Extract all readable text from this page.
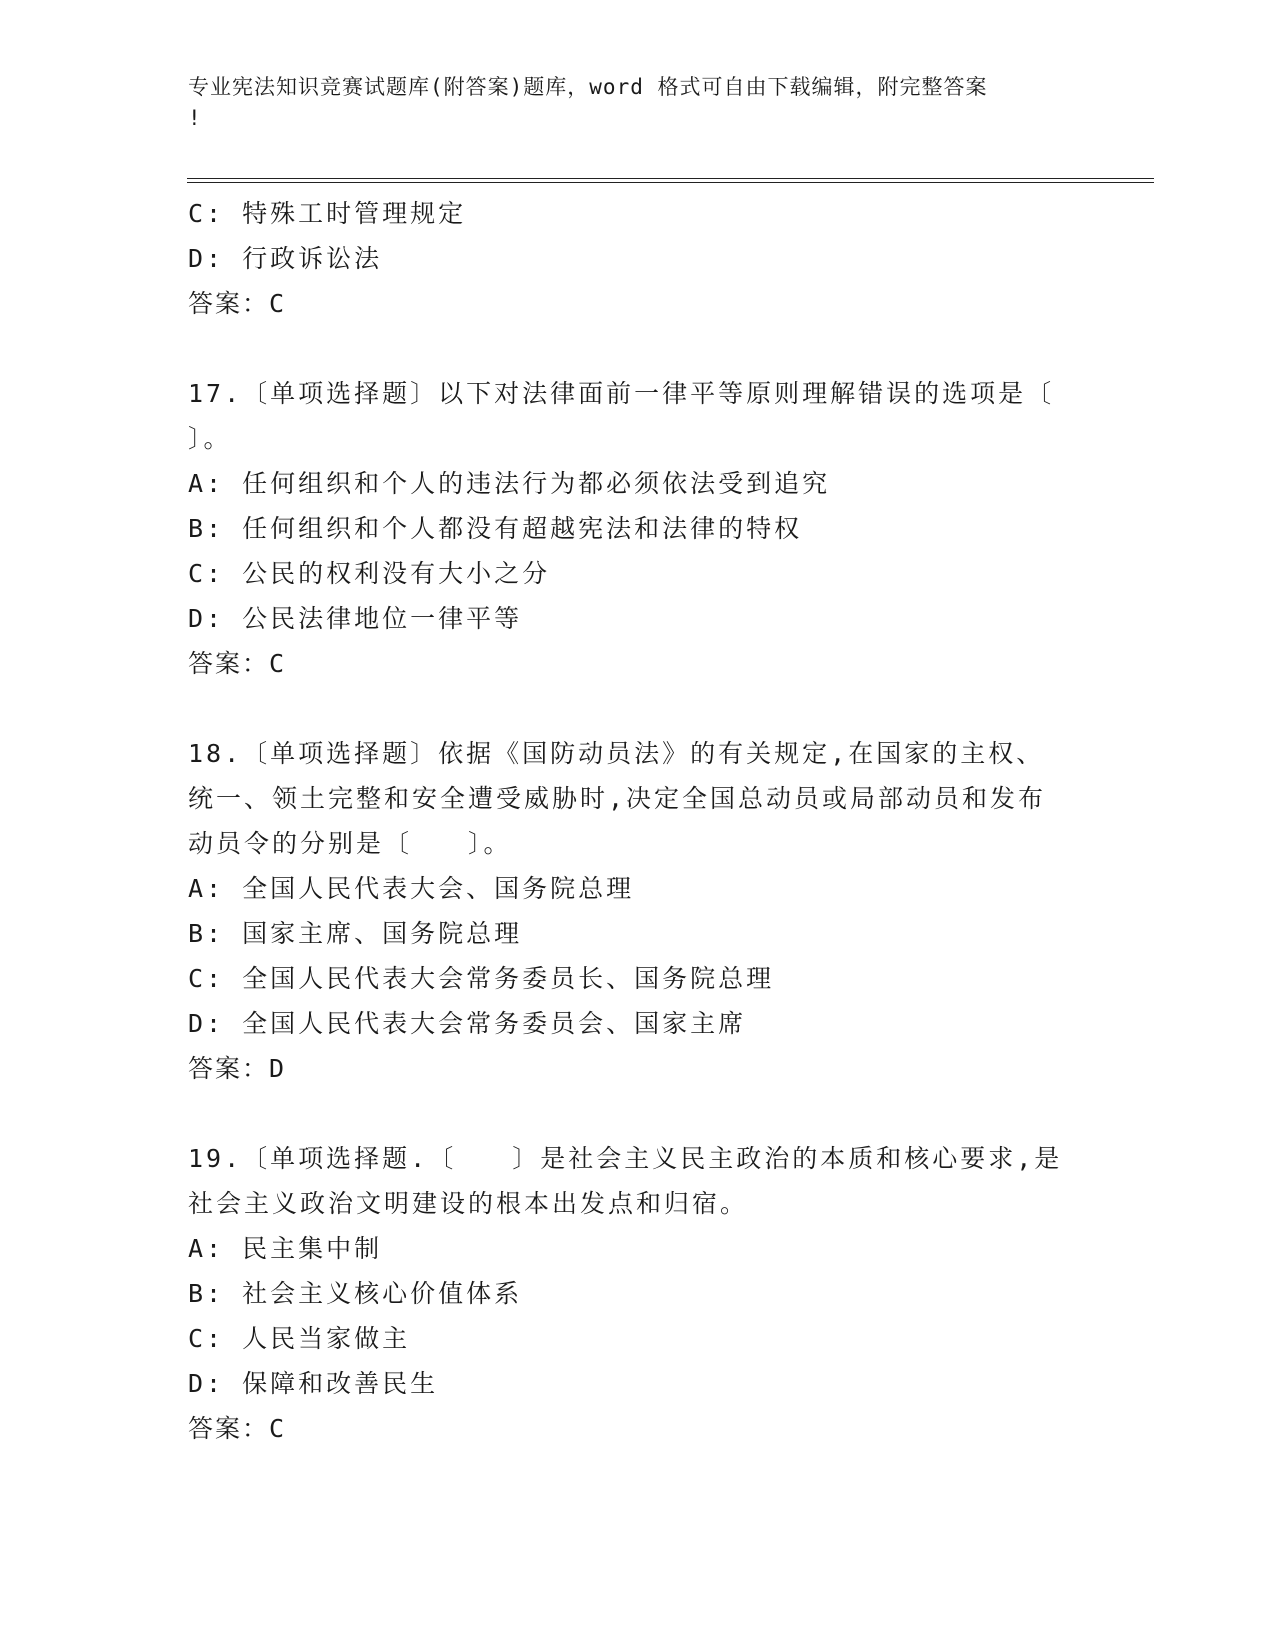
专业宪法知识竞赛试题库(附答案)题库，word 格式可自由下载编辑，附完整答案
!
C: 特殊工时管理规定
D: 行政诉讼法
答案：C
17.〔单项选择题〕以下对法律面前一律平等原则理解错误的选项是〔
〕。
A: 任何组织和个人的违法行为都必须依法受到追究
B: 任何组织和个人都没有超越宪法和法律的特权
C: 公民的权利没有大小之分
D: 公民法律地位一律平等
答案：C
18.〔单项选择题〕依据《国防动员法》的有关规定,在国家的主权、
统一、领土完整和安全遭受威胁时,决定全国总动员或局部动员和发布
动员令的分别是〔　　〕。
A: 全国人民代表大会、国务院总理
B: 国家主席、国务院总理
C: 全国人民代表大会常务委员长、国务院总理
D: 全国人民代表大会常务委员会、国家主席
答案：D
19.〔单项选择题.〔　　〕是社会主义民主政治的本质和核心要求,是
社会主义政治文明建设的根本出发点和归宿。
A: 民主集中制
B: 社会主义核心价值体系
C: 人民当家做主
D: 保障和改善民生
答案：C
